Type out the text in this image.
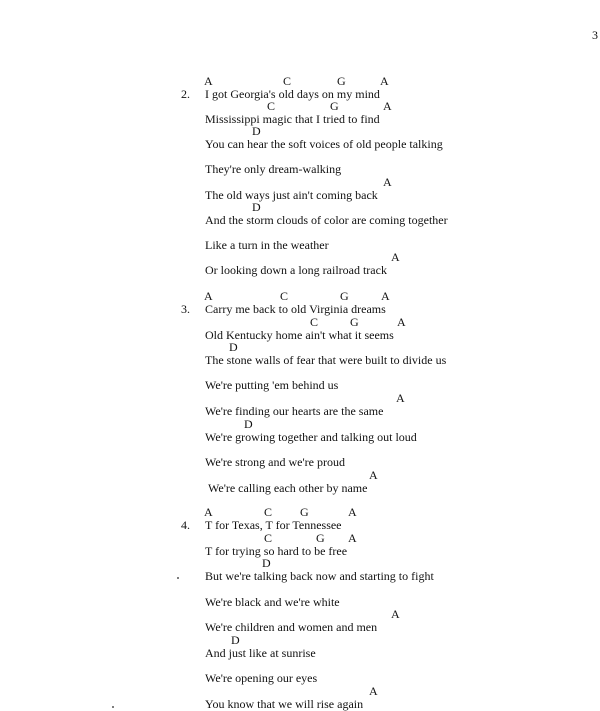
3
2. I got Georgia's old days on my mind
A	C	G	A
Mississippi magic that I tried to find
C	G	A
You can hear the soft voices of old people talking
D
They're only dream-walking
The old ways just ain't coming back
A
And the storm clouds of color are coming together
D
Like a turn in the weather
Or looking down a long railroad track
A
3. Carry me back to old Virginia dreams
A	C	G	A
Old Kentucky home ain't what it seems
C	G	A
The stone walls of fear that were built to divide us
D
We're putting 'em behind us
We're finding our hearts are the same
A
We're growing together and talking out loud
D
We're strong and we're proud
We're calling each other by name
A
4. T for Texas, T for Tennessee
A	C G	A
T for trying so hard to be free
C	G A
But we're talking back now and starting to fight
D
We're black and we're white
We're children and women and men
A
And just like at sunrise
D
We're opening our eyes
You know that we will rise again
A
